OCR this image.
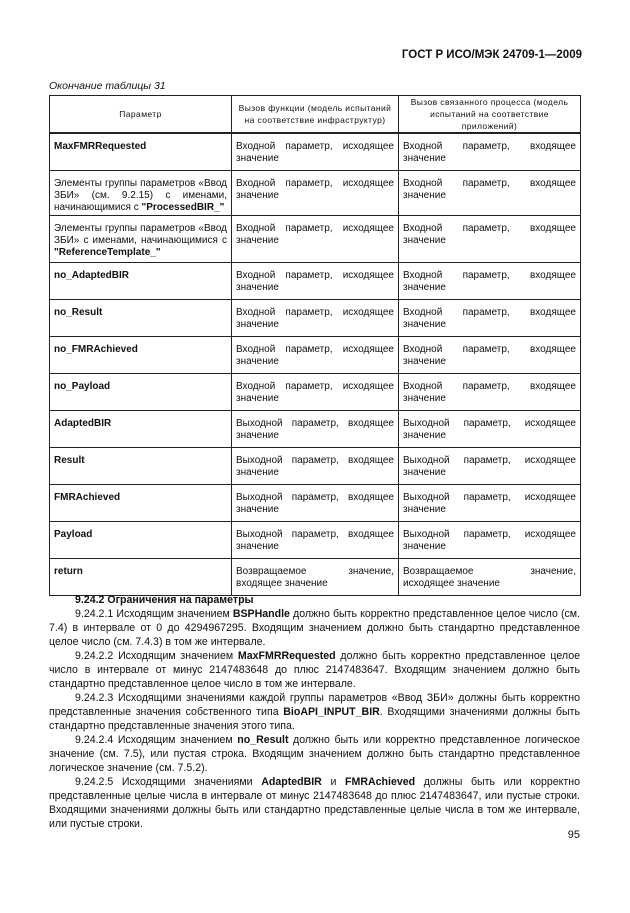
ГОСТ Р ИСО/МЭК 24709-1—2009
Окончание таблицы 31
Параметр	Вызов функции (модель испытаний на соответствие инфраструктур)	Вызов связанного процесса (модель испытаний на соответствие приложений)
MaxFMRRequested	Входной параметр, исходящее значение	Входной параметр, входящее значение
Элементы группы параметров «Ввод ЗБИ» (см. 9.2.15) с именами, начинающимися с "ProcessedBIR_"	Входной параметр, исходящее значение	Входной параметр, входящее значение
Элементы группы параметров «Ввод ЗБИ» с именами, начинающимися с "ReferenceTemplate_"	Входной параметр, исходящее значение	Входной параметр, входящее значение
no_AdaptedBIR	Входной параметр, исходящее значение	Входной параметр, входящее значение
no_Result	Входной параметр, исходящее значение	Входной параметр, входящее значение
no_FMRAchieved	Входной параметр, исходящее значение	Входной параметр, входящее значение
no_Payload	Входной параметр, исходящее значение	Входной параметр, входящее значение
AdaptedBIR	Выходной параметр, входящее значение	Выходной параметр, исходящее значение
Result	Выходной параметр, входящее значение	Выходной параметр, исходящее значение
FMRAchieved	Выходной параметр, входящее значение	Выходной параметр, исходящее значение
Payload	Выходной параметр, входящее значение	Выходной параметр, исходящее значение
return	Возвращаемое значение, входящее значение	Возвращаемое значение, исходящее значение

9.24.2 Ограничения на параметры

9.24.2.1 Исходящим значением BSPHandle должно быть корректно представленное целое число (см. 7.4) в интервале от 0 до 4294967295. Входящим значением должно быть стандартно представленное целое число (см. 7.4.3) в том же интервале.

9.24.2.2 Исходящим значением MaxFMRRequested должно быть корректно представленное целое число в интервале от минус 2147483648 до плюс 2147483647. Входящим значением должно быть стандартно представленное целое число в том же интервале.

9.24.2.3 Исходящими значениями каждой группы параметров «Ввод ЗБИ» должны быть корректно представленные значения собственного типа BioAPI_INPUT_BIR. Входящими значениями должны быть стандартно представленные значения этого типа.

9.24.2.4 Исходящим значением no_Result должно быть или корректно представленное логическое значение (см. 7.5), или пустая строка. Входящим значением должно быть стандартно представленное логическое значение (см. 7.5.2).

9.24.2.5 Исходящими значениями AdaptedBIR и FMRAchieved должны быть или корректно представленные целые числа в интервале от минус 2147483648 до плюс 2147483647, или пустые строки. Входящими значениями должны быть или стандартно представленные целые числа в том же интервале, или пустые строки.

95
